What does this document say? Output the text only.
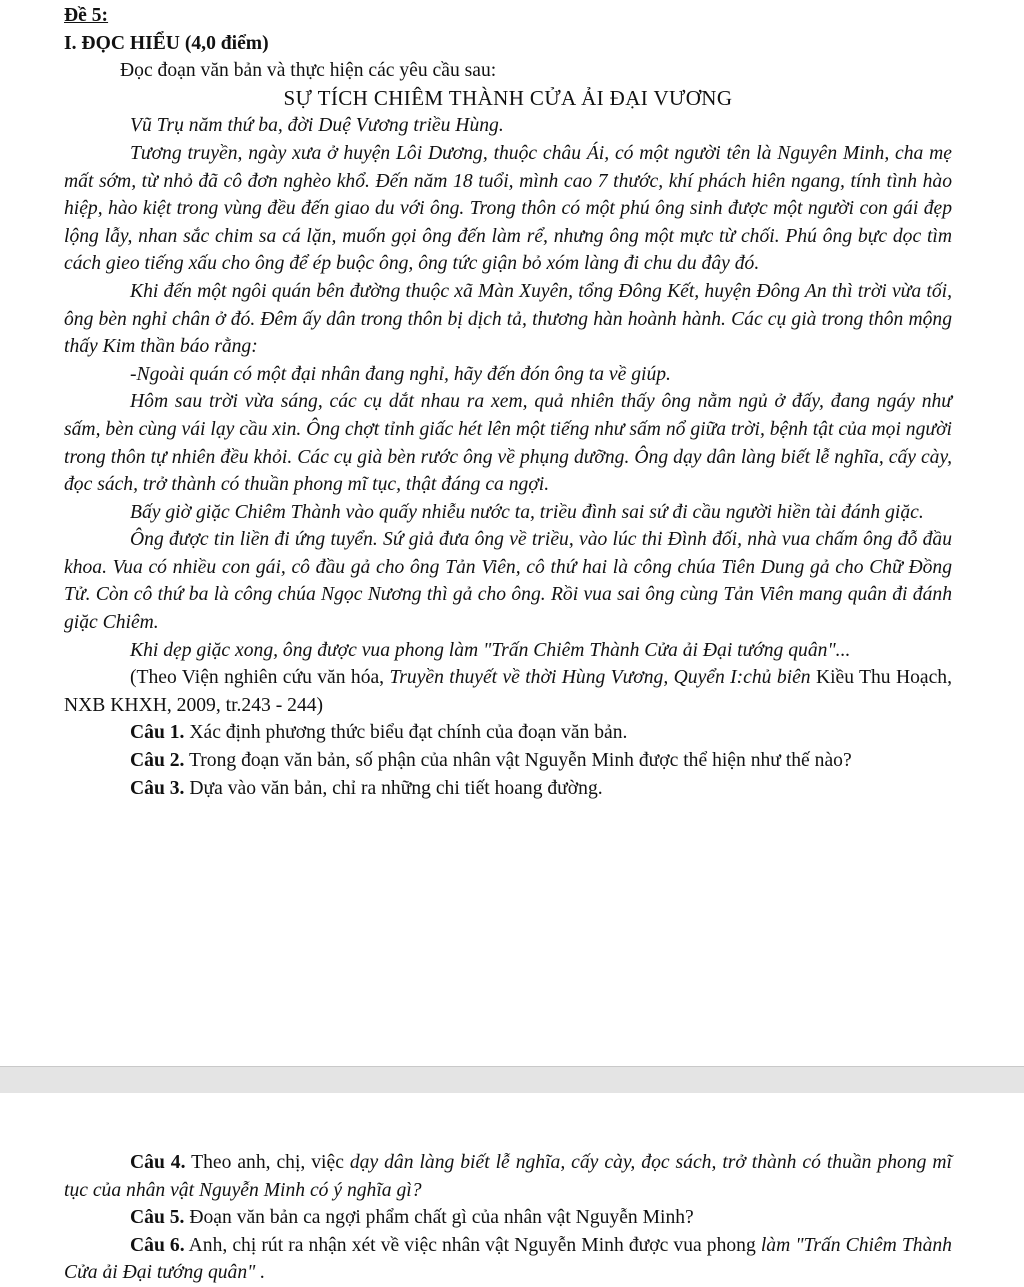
Đề 5:

I. ĐỌC HIỂU (4,0 điểm)

Đọc đoạn văn bản và thực hiện các yêu cầu sau:

SỰ TÍCH CHIÊM THÀNH CỬA ẢI ĐẠI VƯƠNG

Vũ Trụ năm thứ ba, đời Duệ Vương triều Hùng.

Tương truyền, ngày xưa ở huyện Lôi Dương, thuộc châu Ái, có một người tên là Nguyên Minh, cha mẹ mất sớm, từ nhỏ đã cô đơn nghèo khổ. Đến năm 18 tuổi, mình cao 7 thước, khí phách hiên ngang, tính tình hào hiệp, hào kiệt trong vùng đều đến giao du với ông. Trong thôn có một phú ông sinh được một người con gái đẹp lộng lẫy, nhan sắc chim sa cá lặn, muốn gọi ông đến làm rể, nhưng ông một mực từ chối. Phú ông bực dọc tìm cách gieo tiếng xấu cho ông để ép buộc ông, ông tức giận bỏ xóm làng đi chu du đây đó.

Khi đến một ngôi quán bên đường thuộc xã Màn Xuyên, tổng Đông Kết, huyện Đông An thì trời vừa tối, ông bèn nghỉ chân ở đó. Đêm ấy dân trong thôn bị dịch tả, thương hàn hoành hành. Các cụ già trong thôn mộng thấy Kim thần báo rằng:

-Ngoài quán có một đại nhân đang nghỉ, hãy đến đón ông ta về giúp.

Hôm sau trời vừa sáng, các cụ dắt nhau ra xem, quả nhiên thấy ông nằm ngủ ở đấy, đang ngáy như sấm, bèn cùng vái lạy cầu xin. Ông chợt tỉnh giấc hét lên một tiếng như sấm nổ giữa trời, bệnh tật của mọi người trong thôn tự nhiên đều khỏi. Các cụ già bèn rước ông về phụng dưỡng. Ông dạy dân làng biết lễ nghĩa, cấy cày, đọc sách, trở thành có thuần phong mĩ tục, thật đáng ca ngợi.

Bấy giờ giặc Chiêm Thành vào quấy nhiễu nước ta, triều đình sai sứ đi cầu người hiền tài đánh giặc.

Ông được tin liền đi ứng tuyển. Sứ giả đưa ông về triều, vào lúc thi Đình đối, nhà vua chấm ông đỗ đầu khoa. Vua có nhiều con gái, cô đầu gả cho ông Tản Viên, cô thứ hai là công chúa Tiên Dung gả cho Chữ Đồng Tử. Còn cô thứ ba là công chúa Ngọc Nương thì gả cho ông. Rồi vua sai ông cùng Tản Viên mang quân đi đánh giặc Chiêm.

Khi dẹp giặc xong, ông được vua phong làm "Trấn Chiêm Thành Cửa ải Đại tướng quân"...

(Theo Viện nghiên cứu văn hóa, Truyền thuyết về thời Hùng Vương, Quyển I:chủ biên Kiều Thu Hoạch, NXB KHXH, 2009, tr.243 - 244)

Câu 1. Xác định phương thức biểu đạt chính của đoạn văn bản.

Câu 2. Trong đoạn văn bản, số phận của nhân vật Nguyễn Minh được thể hiện như thế nào?

Câu 3. Dựa vào văn bản, chỉ ra những chi tiết hoang đường.

Câu 4. Theo anh, chị, việc dạy dân làng biết lễ nghĩa, cấy cày, đọc sách, trở thành có thuần phong mĩ tục của nhân vật Nguyễn Minh có ý nghĩa gì?

Câu 5. Đoạn văn bản ca ngợi phẩm chất gì của nhân vật Nguyễn Minh?

Câu 6. Anh, chị rút ra nhận xét về việc nhân vật Nguyễn Minh được vua phong làm "Trấn Chiêm Thành Cửa ải Đại tướng quân" .
